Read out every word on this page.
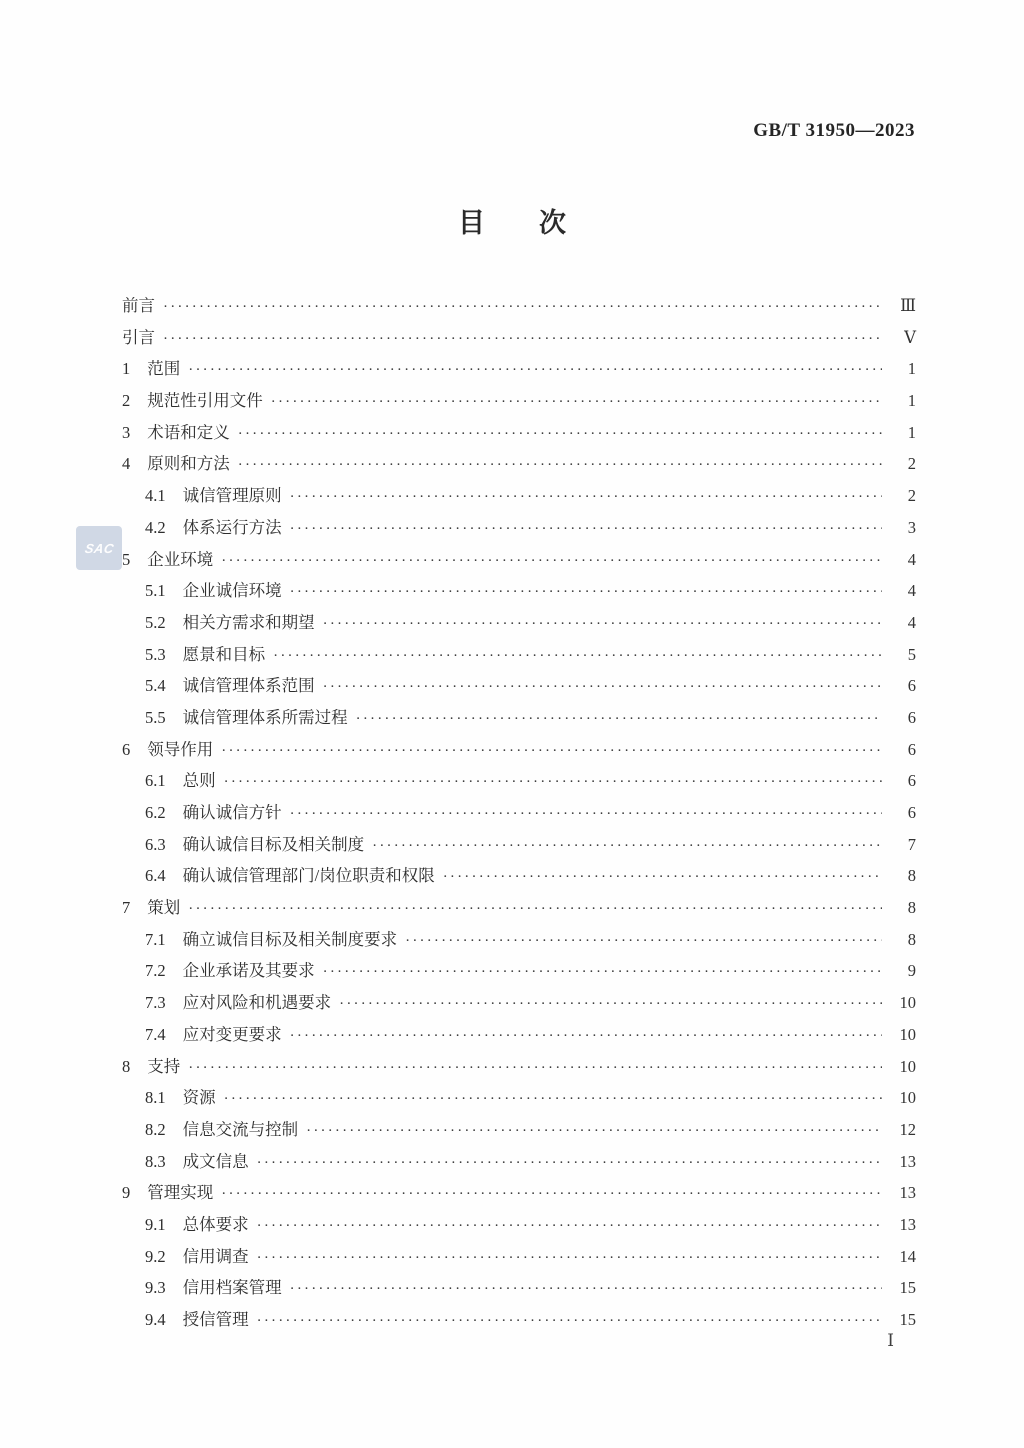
GB/T 31950—2023
目　　次
SAC
前言 ·····	Ⅲ
引言 ·····	Ⅴ
1 范围 ·····	1
2 规范性引用文件 ·····	1
3 术语和定义 ·····	1
4 原则和方法 ·····	2
4.1 诚信管理原则 ·····	2
4.2 体系运行方法 ·····	3
5 企业环境 ·····	4
5.1 企业诚信环境 ·····	4
5.2 相关方需求和期望 ·····	4
5.3 愿景和目标 ·····	5
5.4 诚信管理体系范围 ·····	6
5.5 诚信管理体系所需过程 ·····	6
6 领导作用 ·····	6
6.1 总则 ·····	6
6.2 确认诚信方针 ·····	6
6.3 确认诚信目标及相关制度 ·····	7
6.4 确认诚信管理部门/岗位职责和权限 ·····	8
7 策划 ·····	8
7.1 确立诚信目标及相关制度要求 ·····	8
7.2 企业承诺及其要求 ·····	9
7.3 应对风险和机遇要求 ·····	10
7.4 应对变更要求 ·····	10
8 支持 ·····	10
8.1 资源 ·····	10
8.2 信息交流与控制 ·····	12
8.3 成文信息 ·····	13
9 管理实现 ·····	13
9.1 总体要求 ·····	13
9.2 信用调查 ·····	14
9.3 信用档案管理 ·····	15
9.4 授信管理 ·····	15
Ⅰ
